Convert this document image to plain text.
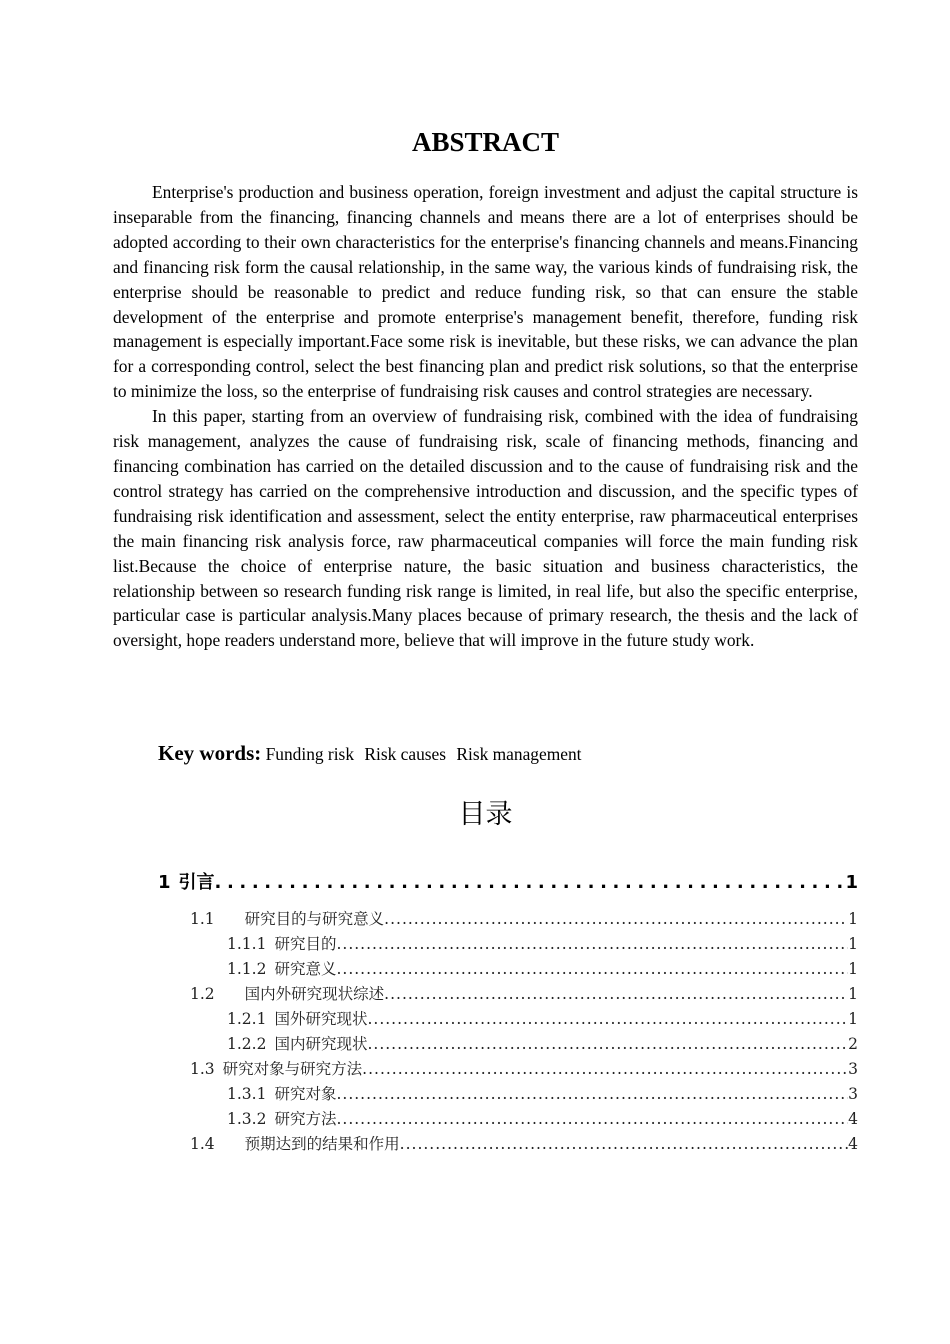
ABSTRACT

Enterprise's production and business operation, foreign investment and adjust the capital structure is inseparable from the financing, financing channels and means there are a lot of enterprises should be adopted according to their own characteristics for the enterprise's financing channels and means.Financing and financing risk form the causal relationship, in the same way, the various kinds of fundraising risk, the enterprise should be reasonable to predict and reduce funding risk, so that can ensure the stable development of the enterprise and promote enterprise's management benefit, therefore, funding risk management is especially important.Face some risk is inevitable, but these risks, we can advance the plan for a corresponding control, select the best financing plan and predict risk solutions, so that the enterprise to minimize the loss, so the enterprise of fundraising risk causes and control strategies are necessary.

In this paper, starting from an overview of fundraising risk, combined with the idea of fundraising risk management, analyzes the cause of fundraising risk, scale of financing methods, financing and financing combination has carried on the detailed discussion and to the cause of fundraising risk and the control strategy has carried on the comprehensive introduction and discussion, and the specific types of fundraising risk identification and assessment, select the entity enterprise, raw pharmaceutical enterprises the main financing risk analysis force, raw pharmaceutical companies will force the main funding risk list.Because the choice of enterprise nature, the basic situation and business characteristics, the relationship between so research funding risk range is limited, in real life, but also the specific enterprise, particular case is particular analysis.Many places because of primary research, the thesis and the lack of oversight, hope readers understand more, believe that will improve in the future study work.

Key words: Funding risk Risk causes Risk management
目录
1 引言 .....	1
1.1 研究目的与研究意义 .....	1
1.1.1 研究目的 .....	1
1.1.2 研究意义 .....	1
1.2 国内外研究现状综述 .....	1
1.2.1 国外研究现状 .....	1
1.2.2 国内研究现状 .....	2
1.3 研究对象与研究方法 .....	3
1.3.1 研究对象 .....	3
1.3.2 研究方法 .....	4
1.4 预期达到的结果和作用 .....	4
